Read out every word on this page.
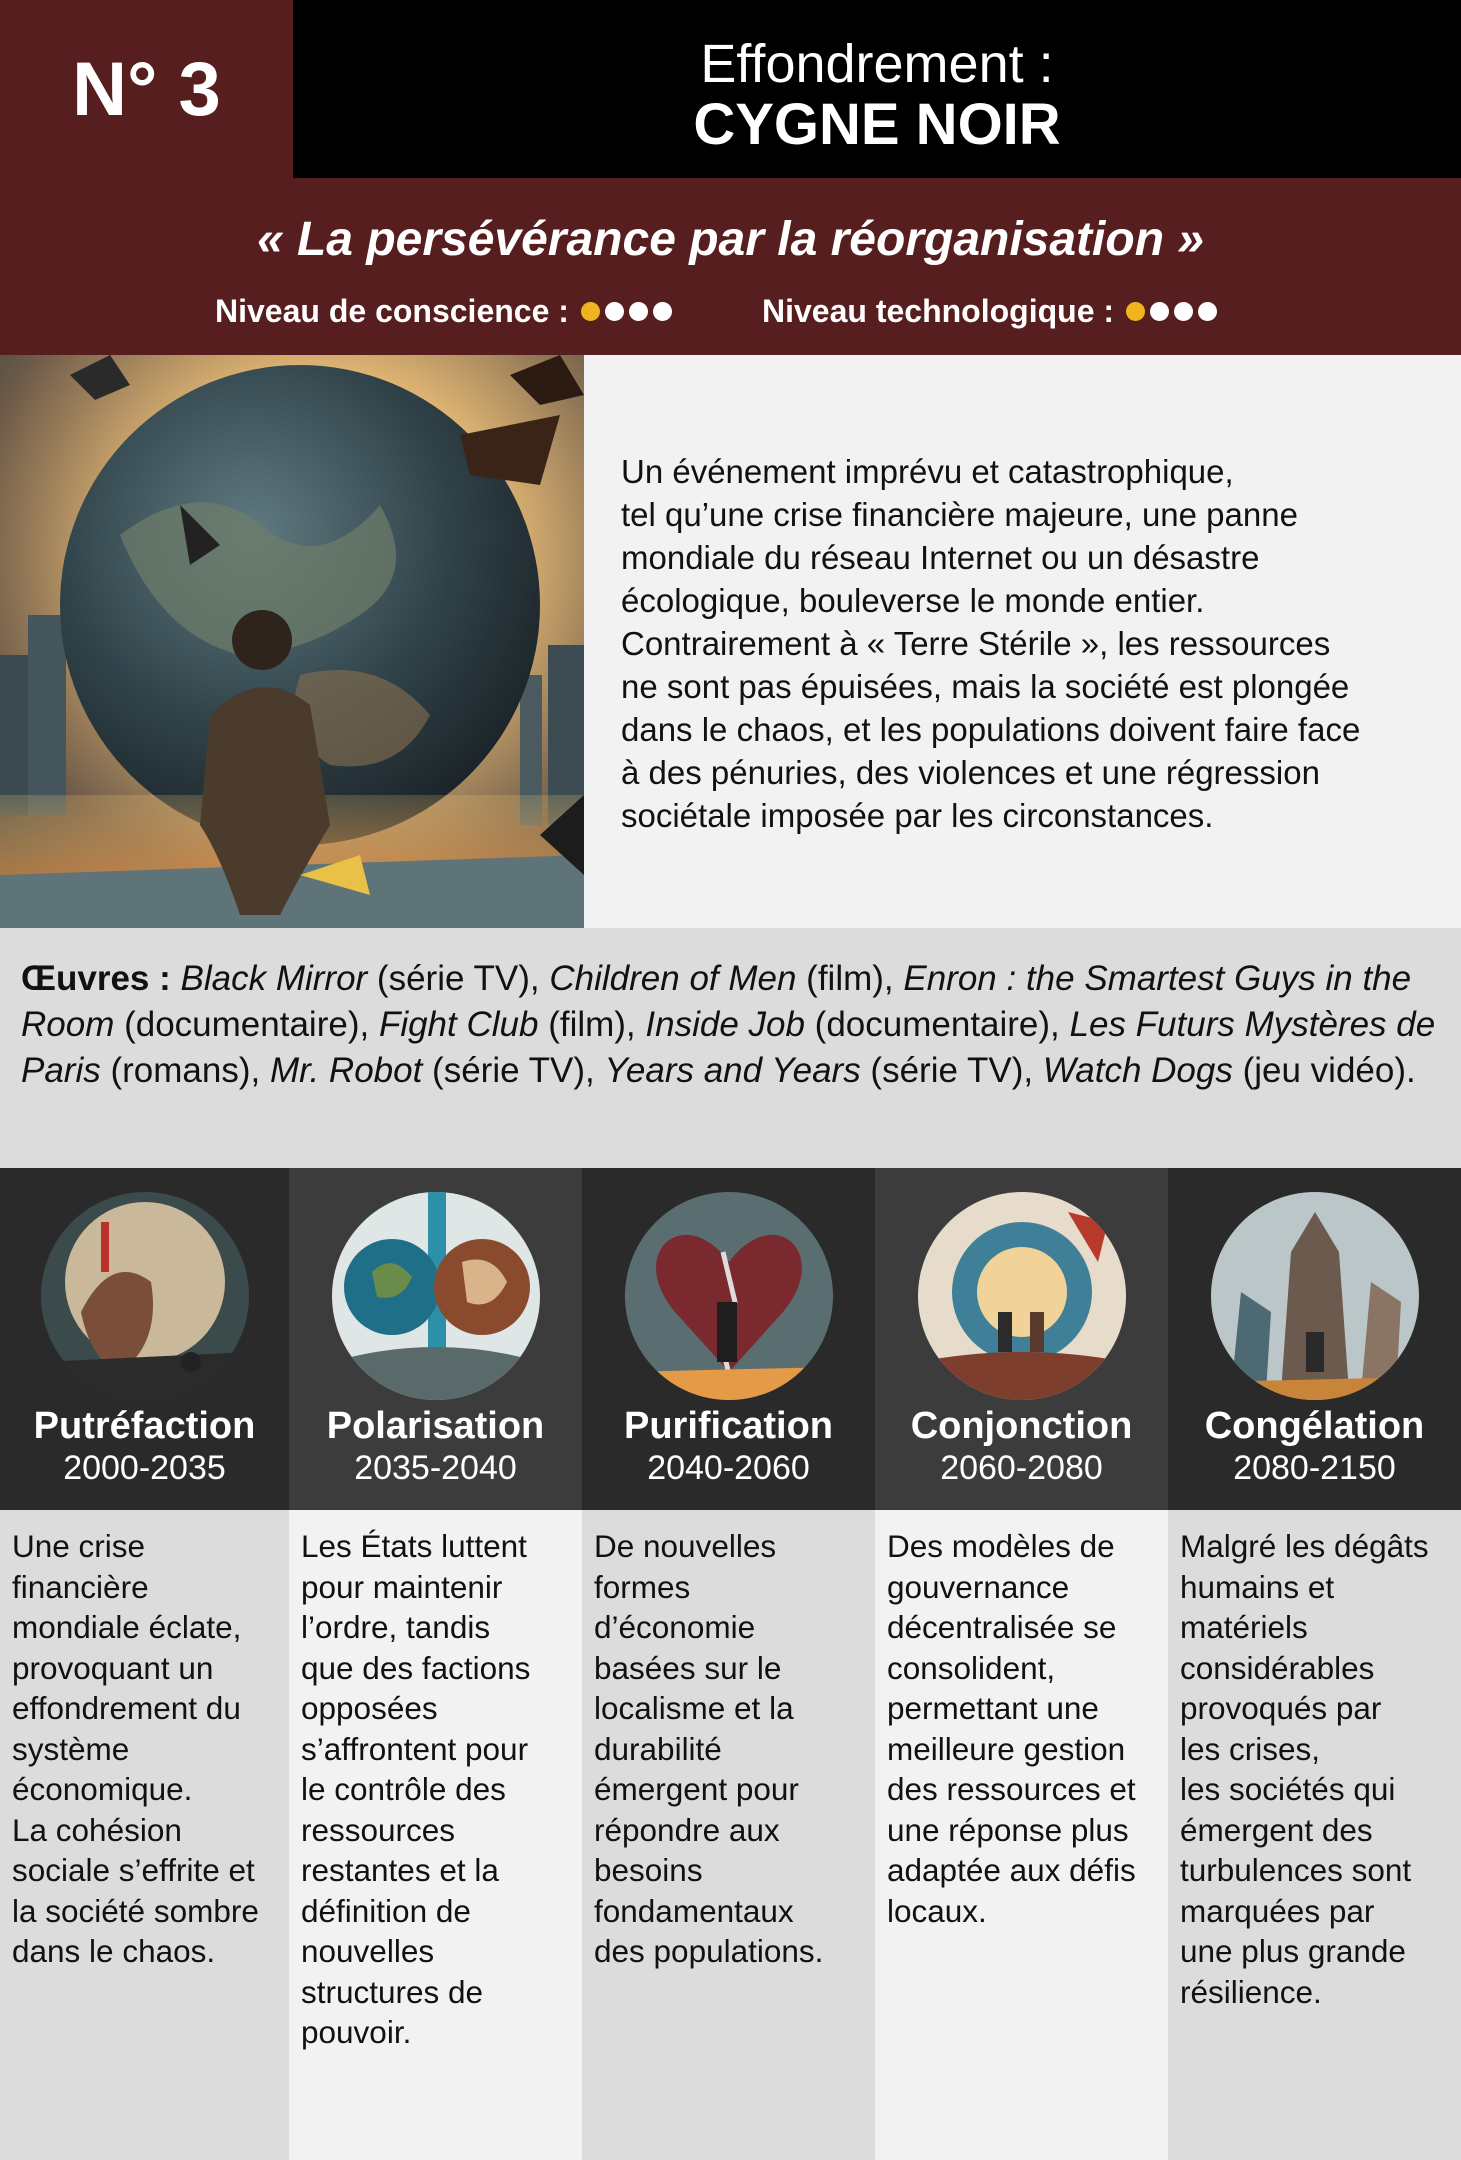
N° 3	Effondrement :
CYGNE NOIR
« La persévérance par la réorganisation »
Niveau de conscience :	Niveau technologique :

Un événement imprévu et catastrophique,
tel qu’une crise financière majeure, une panne
mondiale du réseau Internet ou un désastre
écologique, bouleverse le monde entier.
Contrairement à « Terre Stérile », les ressources
ne sont pas épuisées, mais la société est plongée
dans le chaos, et les populations doivent faire face
à des pénuries, des violences et une régression
sociétale imposée par les circonstances.

Œuvres : Black Mirror (série TV), Children of Men (film), Enron : the Smartest Guys in the Room (documentaire), Fight Club (film), Inside Job (documentaire), Les Futurs Mystères de Paris (romans), Mr. Robot (série TV), Years and Years (série TV), Watch Dogs (jeu vidéo).

Putréfaction
2000-2035
Polarisation
2035-2040
Purification
2040-2060
Conjonction
2060-2080
Congélation
2080-2150

Une crise
financière
mondiale éclate,
provoquant un
effondrement du
système
économique.
La cohésion
sociale s’effrite et
la société sombre
dans le chaos.

Les États luttent
pour maintenir
l’ordre, tandis
que des factions
opposées
s’affrontent pour
le contrôle des
ressources
restantes et la
définition de
nouvelles
structures de
pouvoir.

De nouvelles
formes
d’économie
basées sur le
localisme et la
durabilité
émergent pour
répondre aux
besoins
fondamentaux
des populations.

Des modèles de
gouvernance
décentralisée se
consolident,
permettant une
meilleure gestion
des ressources et
une réponse plus
adaptée aux défis
locaux.

Malgré les dégâts
humains et
matériels
considérables
provoqués par
les crises,
les sociétés qui
émergent des
turbulences sont
marquées par
une plus grande
résilience.
